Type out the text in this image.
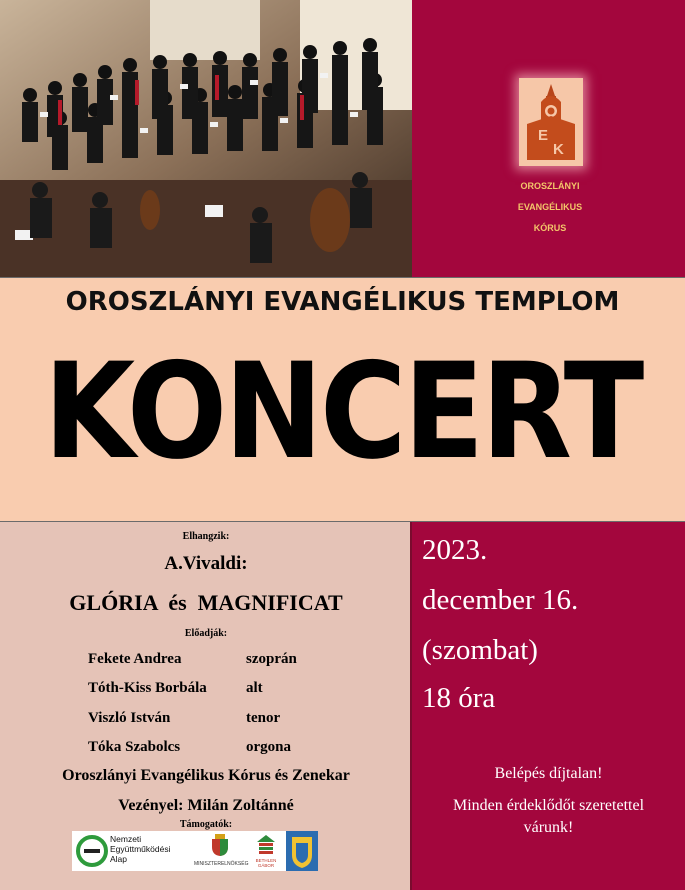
E
K
OROSZLÁNYI
EVANGÉLIKUS
KÓRUS
OROSZLÁNYI EVANGÉLIKUS TEMPLOM
KONCERT
Elhangzik:
A.Vivaldi:
GLÓRIA  és  MAGNIFICAT
Előadják:
Fekete Andrea	szoprán
Tóth-Kiss Borbála	alt
Viszló István	tenor
Tóka Szabolcs	orgona
Oroszlányi Evangélikus Kórus és Zenekar
Vezényel: Milán Zoltánné
Támogatók:
Nemzeti
Együttműködési
Alap	MINISZTERELNÖKSÉG
BETHLEN GÁBOR
2023.
december 16.
(szombat)
18 óra
Belépés díjtalan!
Minden érdeklődőt szeretettel
várunk!
